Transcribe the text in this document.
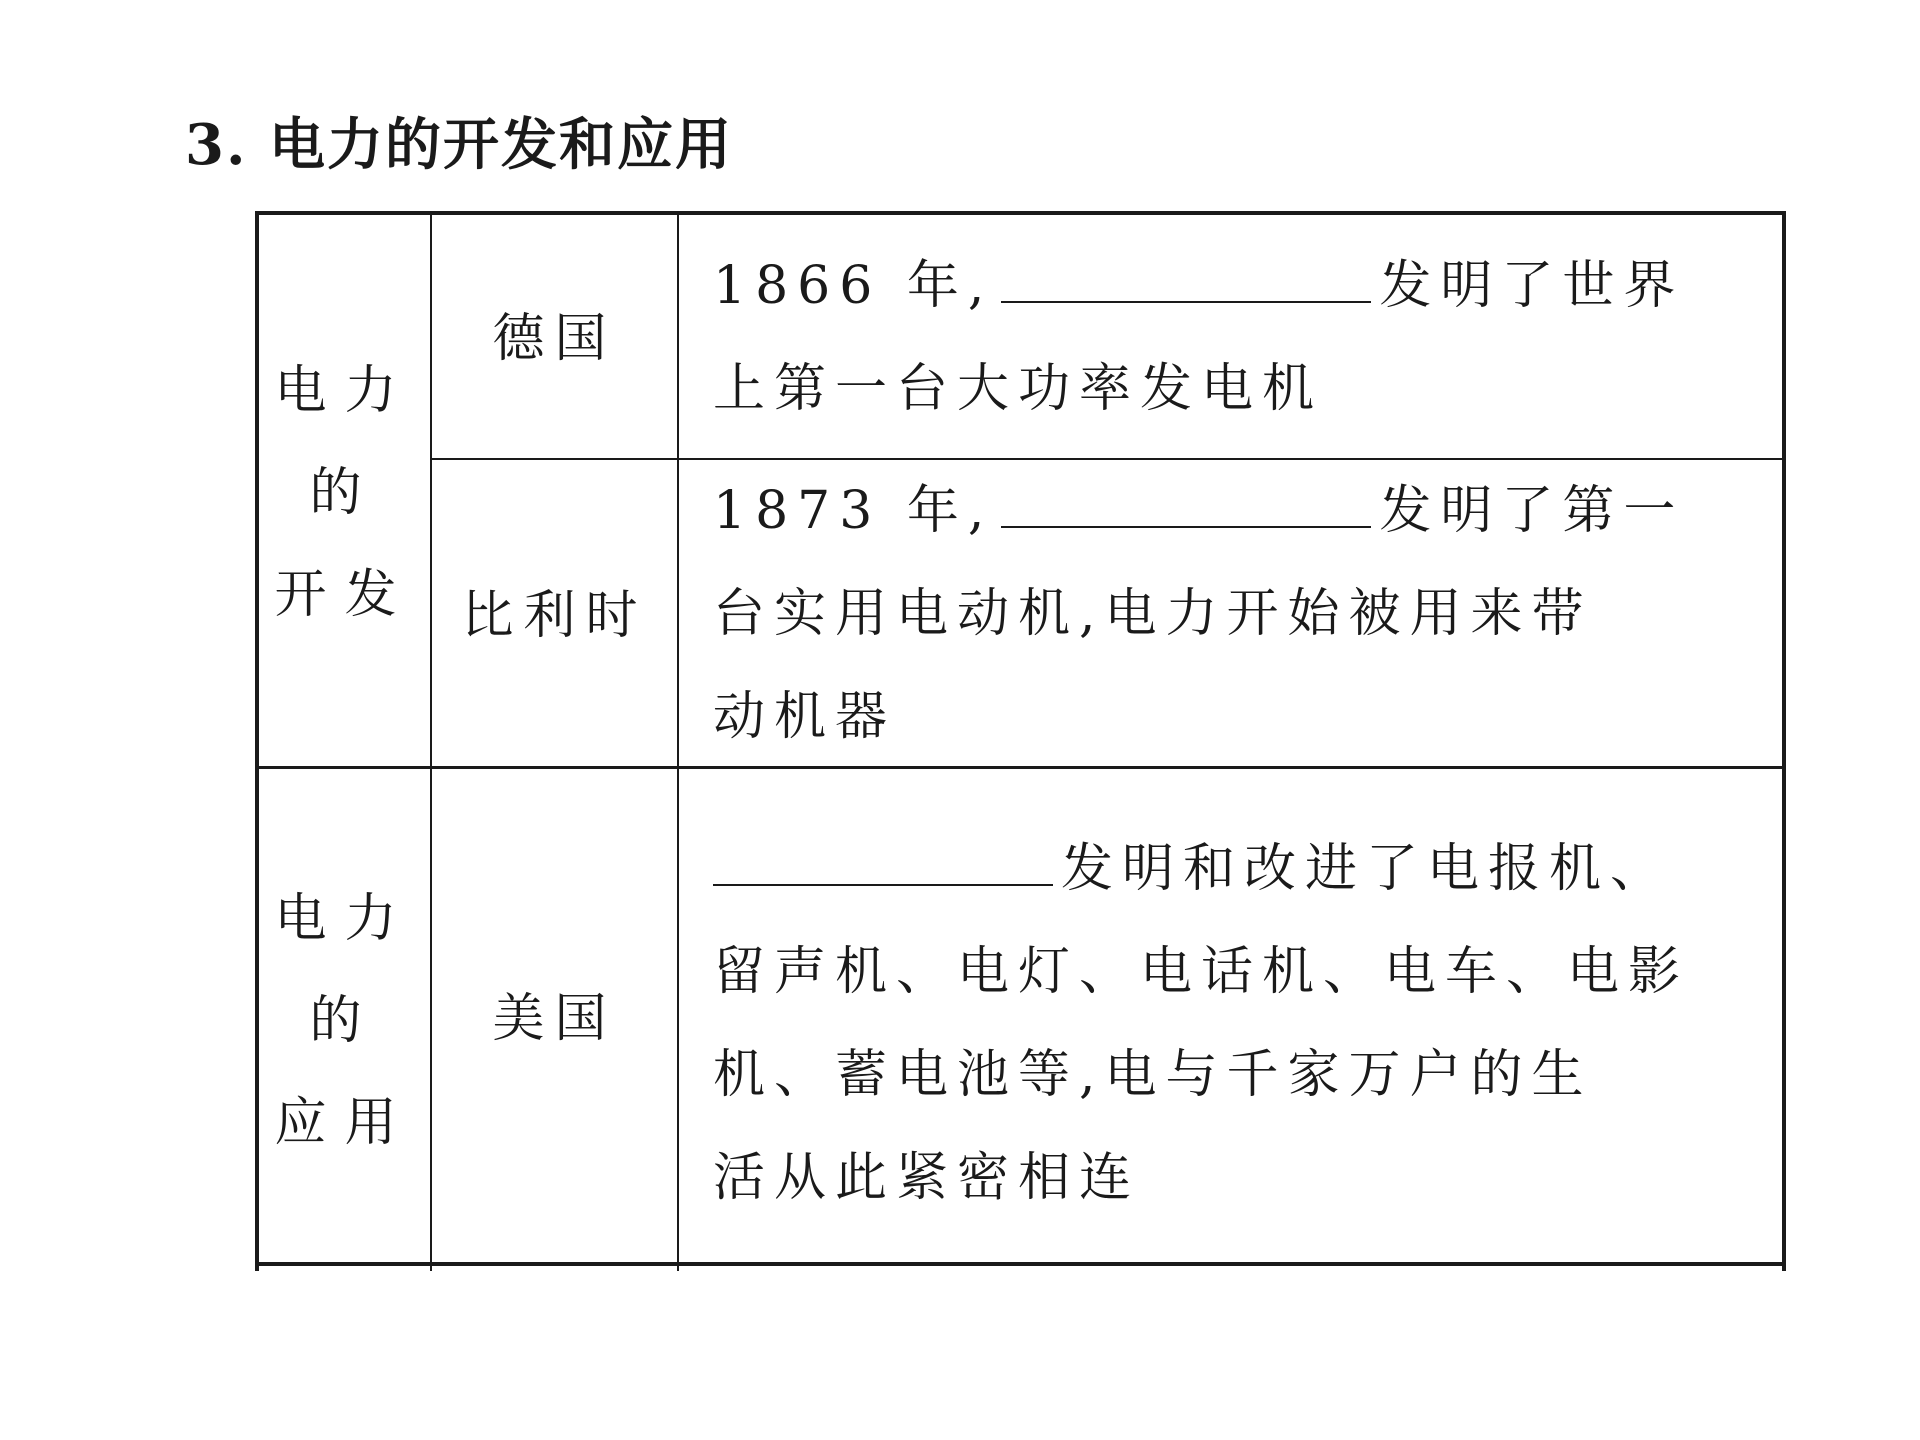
3. 电力的开发和应用
电力
的
开发
德国
1866 年,	发明了世界
上第一台大功率发电机
比利时
1873 年,	发明了第一
台实用电动机,电力开始被用来带
动机器
电力
的
应用
美国
发明和改进了电报机、
留声机、电灯、电话机、电车、电影
机、蓄电池等,电与千家万户的生
活从此紧密相连
